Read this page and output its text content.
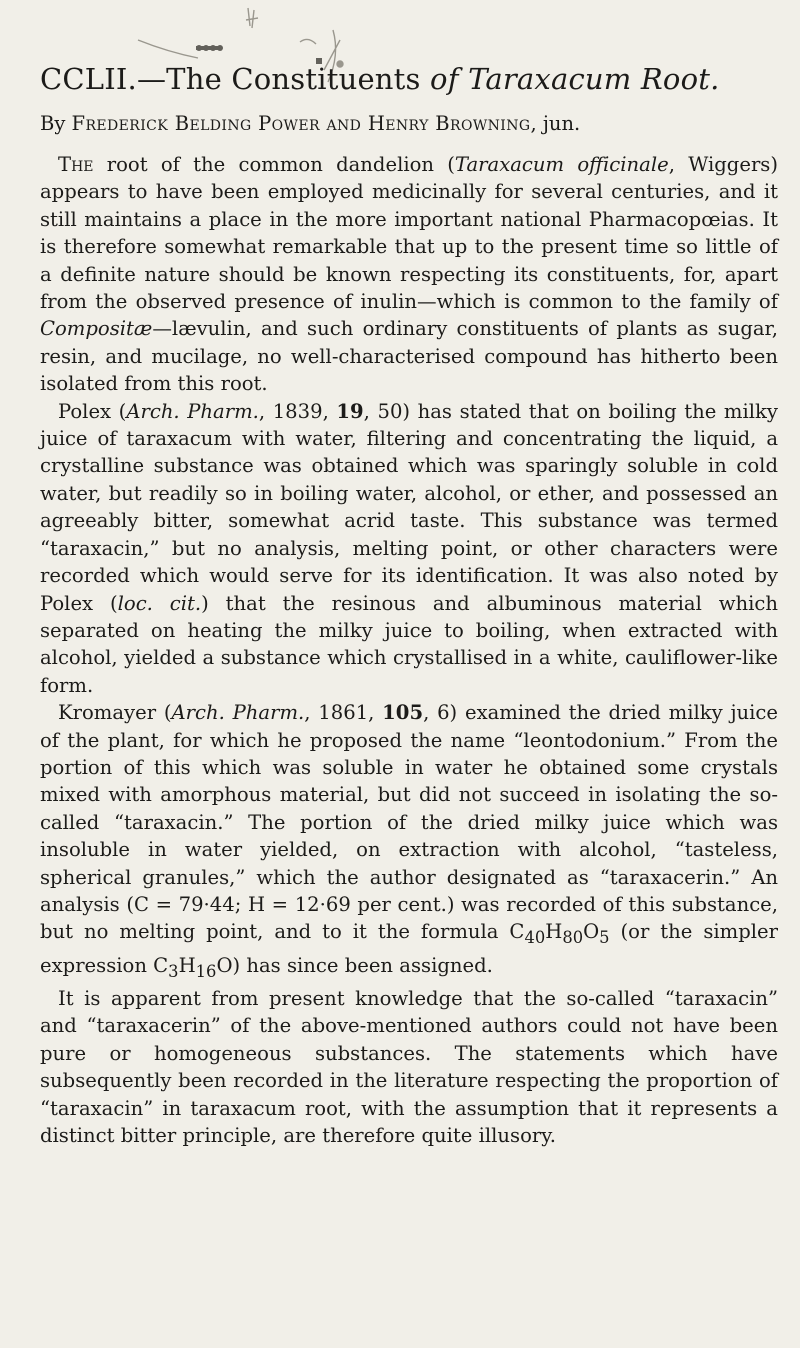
CCLII.—The Constituents of Taraxacum Root.
By Frederick Belding Power and Henry Browning, jun.

The root of the common dandelion (Taraxacum officinale, Wiggers) appears to have been employed medicinally for several centuries, and it still maintains a place in the more important national Pharmacopœias. It is therefore somewhat remarkable that up to the present time so little of a definite nature should be known respecting its constituents, for, apart from the observed presence of inulin—which is common to the family of Compositæ—lævulin, and such ordinary constituents of plants as sugar, resin, and mucilage, no well-characterised compound has hitherto been isolated from this root.

Polex (Arch. Pharm., 1839, 19, 50) has stated that on boiling the milky juice of taraxacum with water, filtering and concentrating the liquid, a crystalline substance was obtained which was sparingly soluble in cold water, but readily so in boiling water, alcohol, or ether, and possessed an agreeably bitter, somewhat acrid taste. This substance was termed “taraxacin,” but no analysis, melting point, or other characters were recorded which would serve for its identification. It was also noted by Polex (loc. cit.) that the resinous and albuminous material which separated on heating the milky juice to boiling, when extracted with alcohol, yielded a substance which crystallised in a white, cauliflower-like form.

Kromayer (Arch. Pharm., 1861, 105, 6) examined the dried milky juice of the plant, for which he proposed the name “leontodonium.” From the portion of this which was soluble in water he obtained some crystals mixed with amorphous material, but did not succeed in isolating the so-called “taraxacin.” The portion of the dried milky juice which was insoluble in water yielded, on extraction with alcohol, “tasteless, spherical granules,” which the author designated as “taraxacerin.” An analysis (C = 79·44; H = 12·69 per cent.) was recorded of this substance, but no melting point, and to it the formula $C_{40}H_{80}O_5$ (or the simpler expression $C_3H_{16}O$) has since been assigned.

It is apparent from present knowledge that the so-called “taraxacin” and “taraxacerin” of the above-mentioned authors could not have been pure or homogeneous substances. The statements which have subsequently been recorded in the literature respecting the proportion of “taraxacin” in taraxacum root, with the assumption that it represents a distinct bitter principle, are therefore quite illusory.
